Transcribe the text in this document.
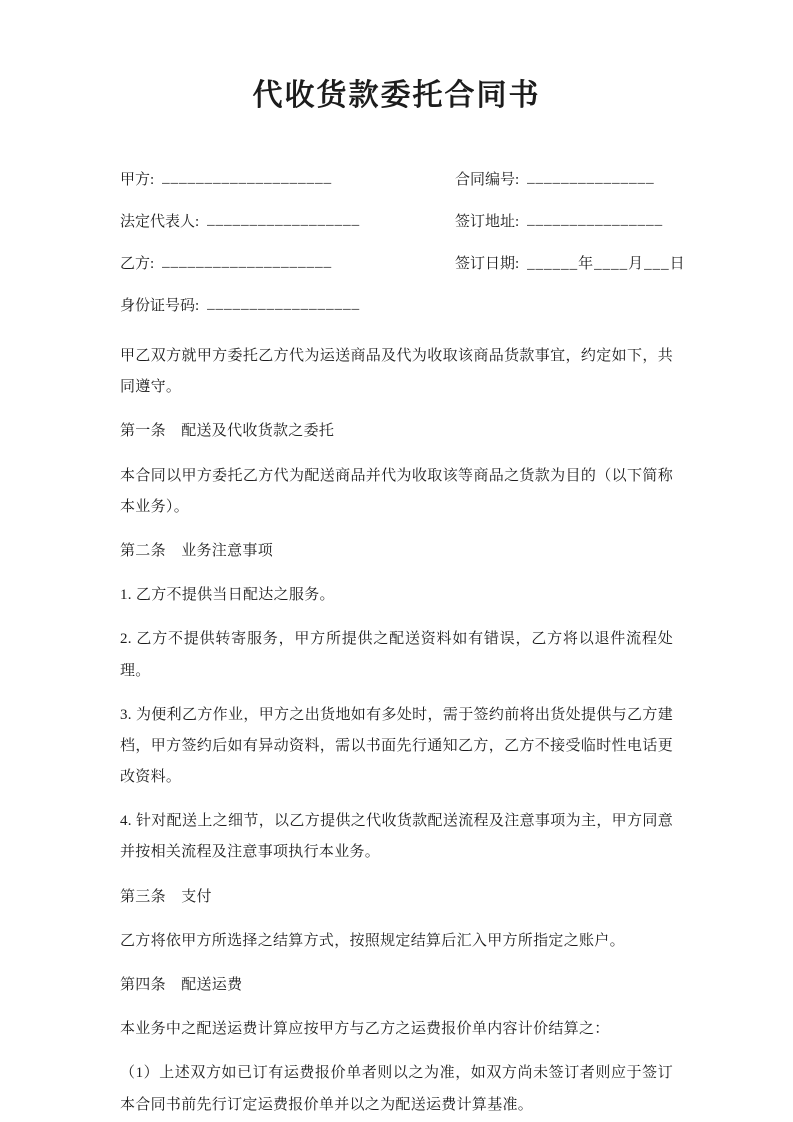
代收货款委托合同书
甲方: ____________________	合同编号: _______________
法定代表人: __________________	签订地址: ________________
乙方: ____________________	签订日期: ______年____月___日
身份证号码: __________________

甲乙双方就甲方委托乙方代为运送商品及代为收取该商品货款事宜，约定如下，共同遵守。

第一条　配送及代收货款之委托

本合同以甲方委托乙方代为配送商品并代为收取该等商品之货款为目的（以下简称本业务）。

第二条　业务注意事项

1. 乙方不提供当日配达之服务。

2. 乙方不提供转寄服务，甲方所提供之配送资料如有错误，乙方将以退件流程处理。

3. 为便利乙方作业，甲方之出货地如有多处时，需于签约前将出货处提供与乙方建档，甲方签约后如有异动资料，需以书面先行通知乙方，乙方不接受临时性电话更改资料。

4. 针对配送上之细节，以乙方提供之代收货款配送流程及注意事项为主，甲方同意并按相关流程及注意事项执行本业务。

第三条　支付

乙方将依甲方所选择之结算方式，按照规定结算后汇入甲方所指定之账户。

第四条　配送运费

本业务中之配送运费计算应按甲方与乙方之运费报价单内容计价结算之：

（1）上述双方如已订有运费报价单者则以之为准，如双方尚未签订者则应于签订本合同书前先行订定运费报价单并以之为配送运费计算基准。
